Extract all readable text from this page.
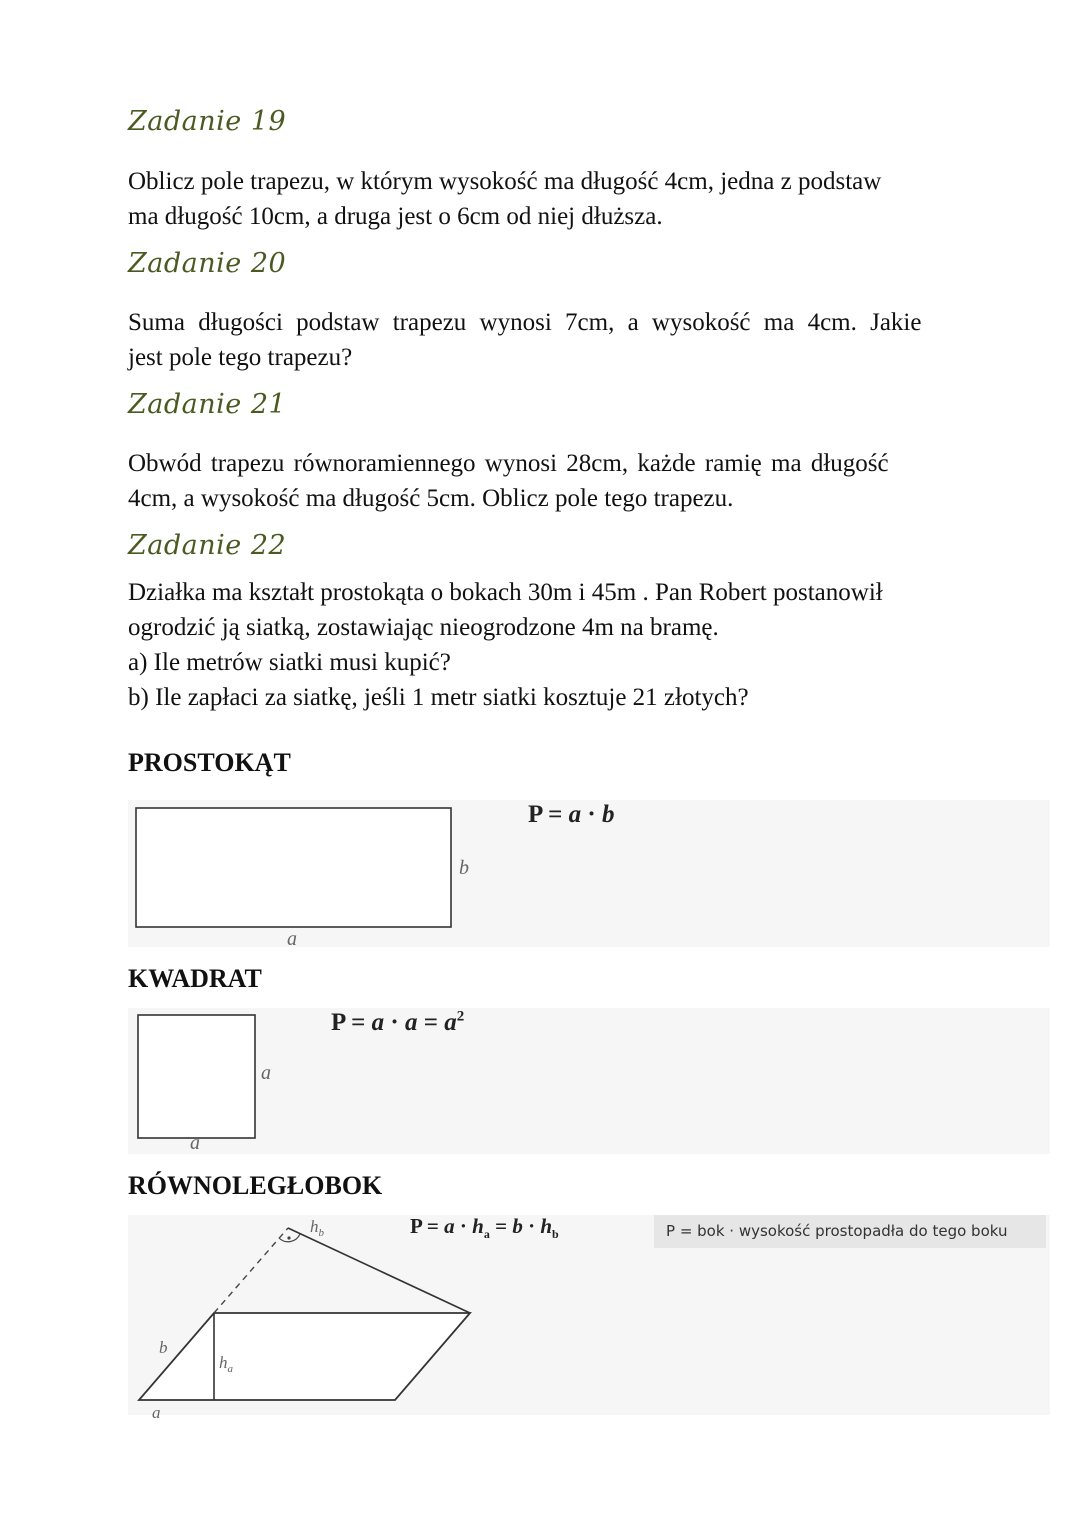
Zadanie 19

Oblicz pole trapezu, w którym wysokość ma długość 4cm, jedna z podstaw
ma długość 10cm, a druga jest o 6cm od niej dłuższa.

Zadanie 20

Suma długości podstaw trapezu wynosi 7cm, a wysokość ma 4cm. Jakie
jest pole tego trapezu?

Zadanie 21

Obwód trapezu równoramiennego wynosi 28cm, każde ramię ma długość
4cm, a wysokość ma długość 5cm. Oblicz pole tego trapezu.

Zadanie 22

Działka ma kształt prostokąta o bokach 30m i 45m . Pan Robert postanowił
ogrodzić ją siatką, zostawiając nieogrodzone 4m na bramę.
a) Ile metrów siatki musi kupić?
b) Ile zapłaci za siatkę, jeśli 1 metr siatki kosztuje 21 złotych?

PROSTOKĄT
a
b
P = a · b
KWADRAT
a
a
$P = a \cdot a = a^2$
RÓWNOLEGŁOBOK
a
b
$h_a$
$h_b$	$P = a \cdot h_a = b \cdot h_b$	P = bok · wysokość prostopadła do tego boku
